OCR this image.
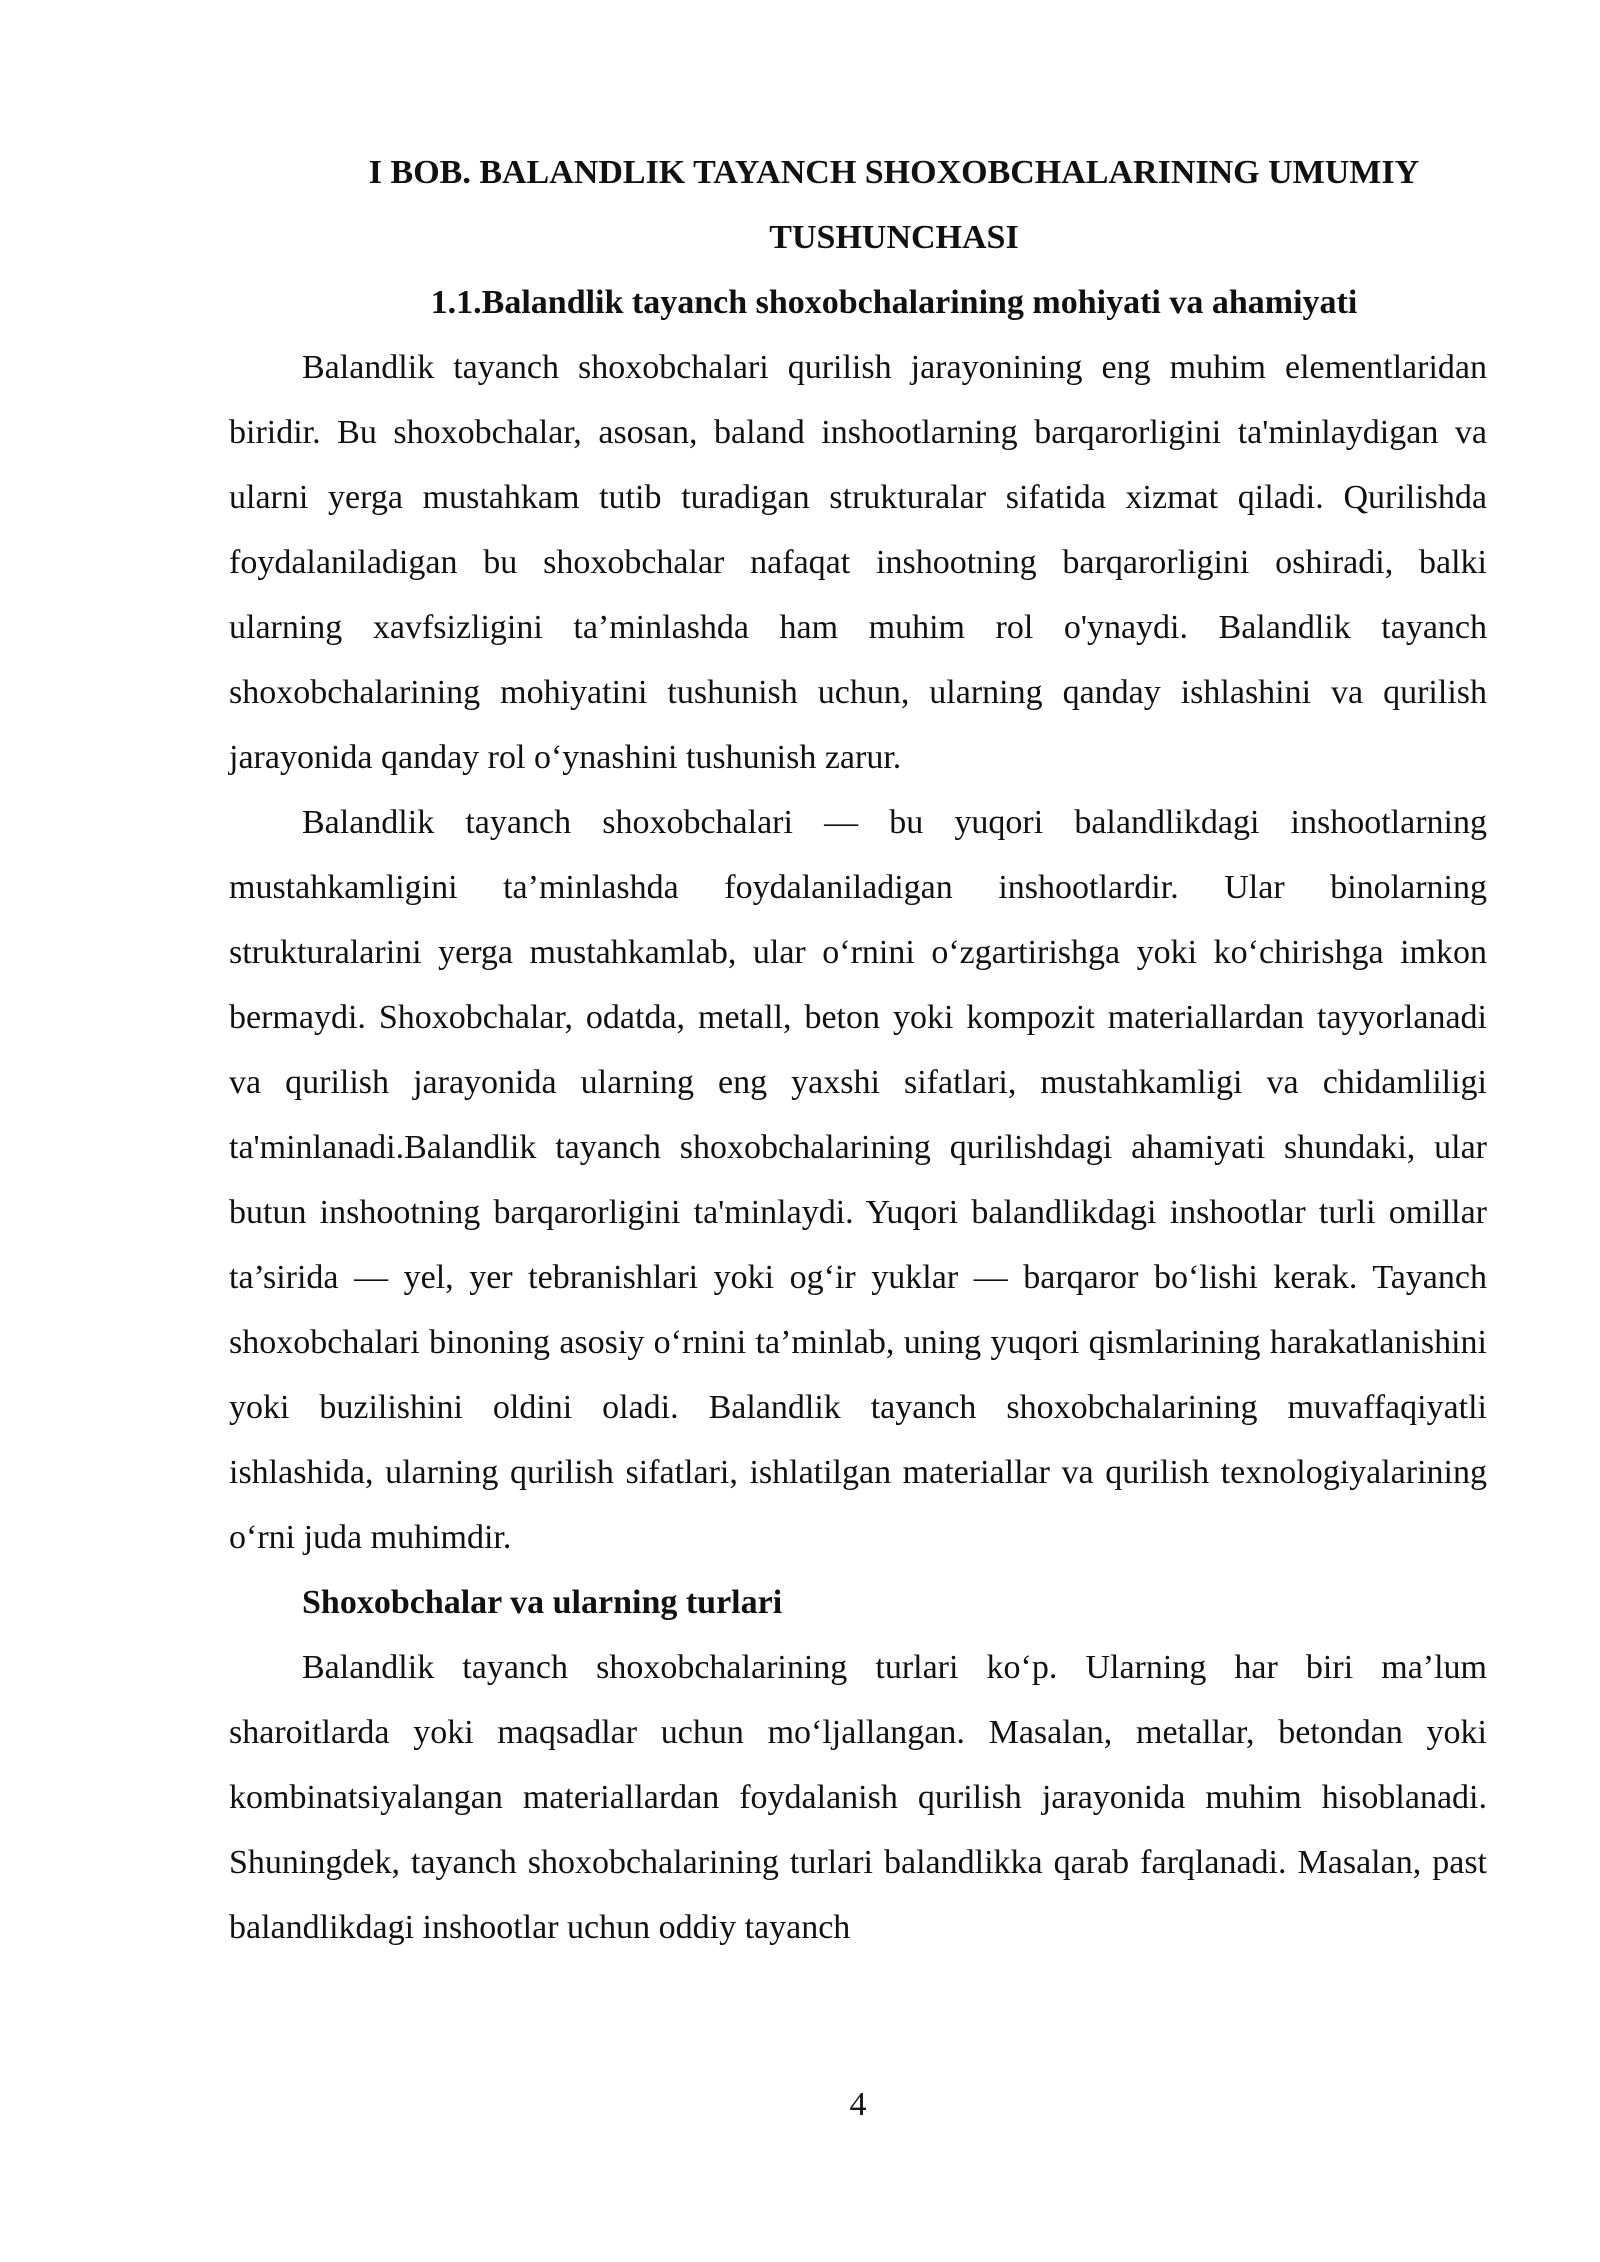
I BOB. BALANDLIK TAYANCH SHOXOBCHALARINING UMUMIY
TUSHUNCHASI
1.1.Balandlik tayanch shoxobchalarining mohiyati va ahamiyati

Balandlik tayanch shoxobchalari qurilish jarayonining eng muhim elementlaridan biridir. Bu shoxobchalar, asosan, baland inshootlarning barqarorligini ta'minlaydigan va ularni yerga mustahkam tutib turadigan strukturalar sifatida xizmat qiladi. Qurilishda foydalaniladigan bu shoxobchalar nafaqat inshootning barqarorligini oshiradi, balki ularning xavfsizligini ta’minlashda ham muhim rol o'ynaydi. Balandlik tayanch shoxobchalarining mohiyatini tushunish uchun, ularning qanday ishlashini va qurilish jarayonida qanday rol o‘ynashini tushunish zarur.

Balandlik tayanch shoxobchalari — bu yuqori balandlikdagi inshootlarning mustahkamligini ta’minlashda foydalaniladigan inshootlardir. Ular binolarning strukturalarini yerga mustahkamlab, ular o‘rnini o‘zgartirishga yoki ko‘chirishga imkon bermaydi. Shoxobchalar, odatda, metall, beton yoki kompozit materiallardan tayyorlanadi va qurilish jarayonida ularning eng yaxshi sifatlari, mustahkamligi va chidamliligi ta'minlanadi.Balandlik tayanch shoxobchalarining qurilishdagi ahamiyati shundaki, ular butun inshootning barqarorligini ta'minlaydi. Yuqori balandlikdagi inshootlar turli omillar ta’sirida — yel, yer tebranishlari yoki og‘ir yuklar — barqaror bo‘lishi kerak. Tayanch shoxobchalari binoning asosiy o‘rnini ta’minlab, uning yuqori qismlarining harakatlanishini yoki buzilishini oldini oladi. Balandlik tayanch shoxobchalarining muvaffaqiyatli ishlashida, ularning qurilish sifatlari, ishlatilgan materiallar va qurilish texnologiyalarining o‘rni juda muhimdir.

Shoxobchalar va ularning turlari

Balandlik tayanch shoxobchalarining turlari ko‘p. Ularning har biri ma’lum sharoitlarda yoki maqsadlar uchun mo‘ljallangan. Masalan, metallar, betondan yoki kombinatsiyalangan materiallardan foydalanish qurilish jarayonida muhim hisoblanadi. Shuningdek, tayanch shoxobchalarining turlari balandlikka qarab farqlanadi. Masalan, past balandlikdagi inshootlar uchun oddiy tayanch

4
